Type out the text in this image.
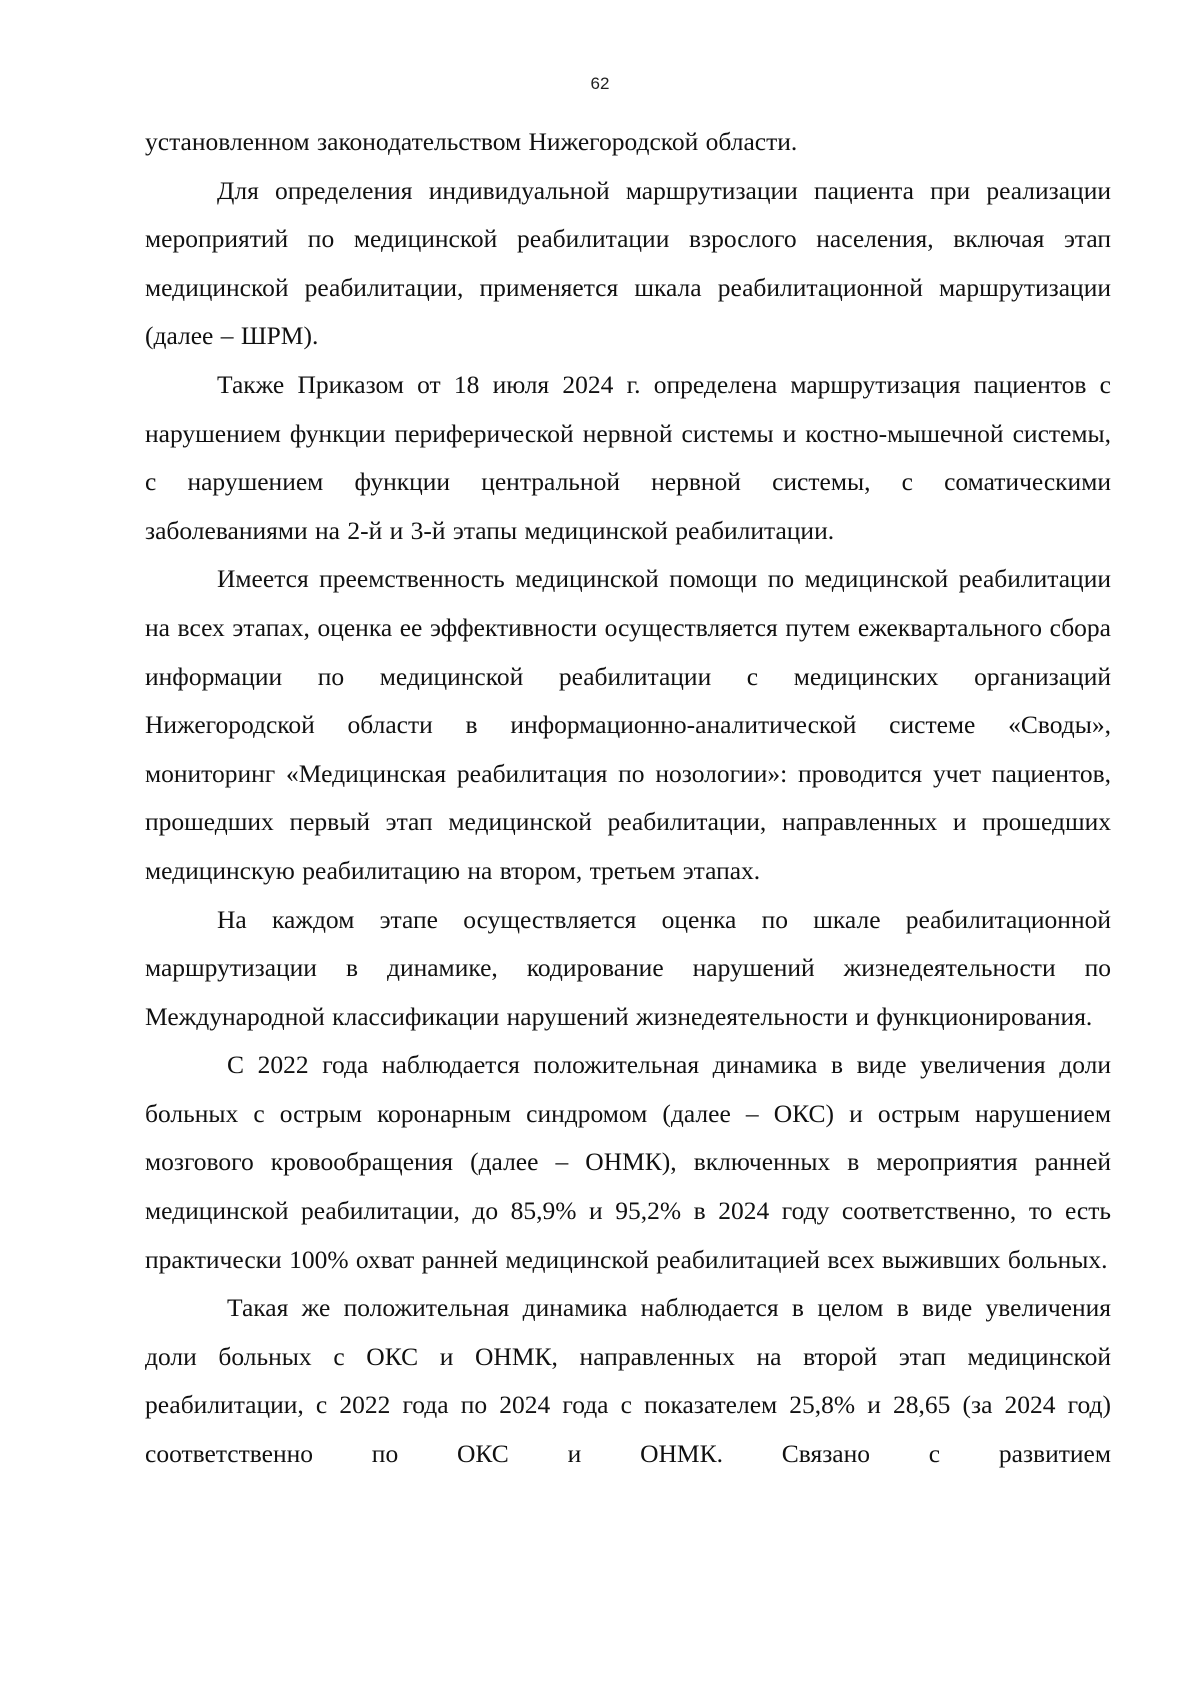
62

установленном законодательством Нижегородской области.

Для определения индивидуальной маршрутизации пациента при реализации мероприятий по медицинской реабилитации взрослого населения, включая этап медицинской реабилитации, применяется шкала реабилитационной маршрутизации (далее – ШРМ).

Также Приказом от 18 июля 2024 г. определена маршрутизация пациентов с нарушением функции периферической нервной системы и костно-мышечной системы, с нарушением функции центральной нервной системы, с соматическими заболеваниями на 2-й и 3-й этапы медицинской реабилитации.

Имеется преемственность медицинской помощи по медицинской реабилитации на всех этапах, оценка ее эффективности осуществляется путем ежеквартального сбора информации по медицинской реабилитации с медицинских организаций Нижегородской области в информационно-аналитической системе «Своды», мониторинг «Медицинская реабилитация по нозологии»: проводится учет пациентов, прошедших первый этап медицинской реабилитации, направленных и прошедших медицинскую реабилитацию на втором, третьем этапах.

На каждом этапе осуществляется оценка по шкале реабилитационной маршрутизации в динамике, кодирование нарушений жизнедеятельности по Международной классификации нарушений жизнедеятельности и функционирования.

С 2022 года наблюдается положительная динамика в виде увеличения доли больных с острым коронарным синдромом (далее – ОКС) и острым нарушением мозгового кровообращения (далее – ОНМК), включенных в мероприятия ранней медицинской реабилитации, до 85,9% и 95,2% в 2024 году соответственно, то есть практически 100% охват ранней медицинской реабилитацией всех выживших больных.

Такая же положительная динамика наблюдается в целом в виде увеличения доли больных с ОКС и ОНМК, направленных на второй этап медицинской реабилитации, с 2022 года по 2024 года с показателем 25,8% и 28,65 (за 2024 год) соответственно по ОКС и ОНМК. Связано с развитием
